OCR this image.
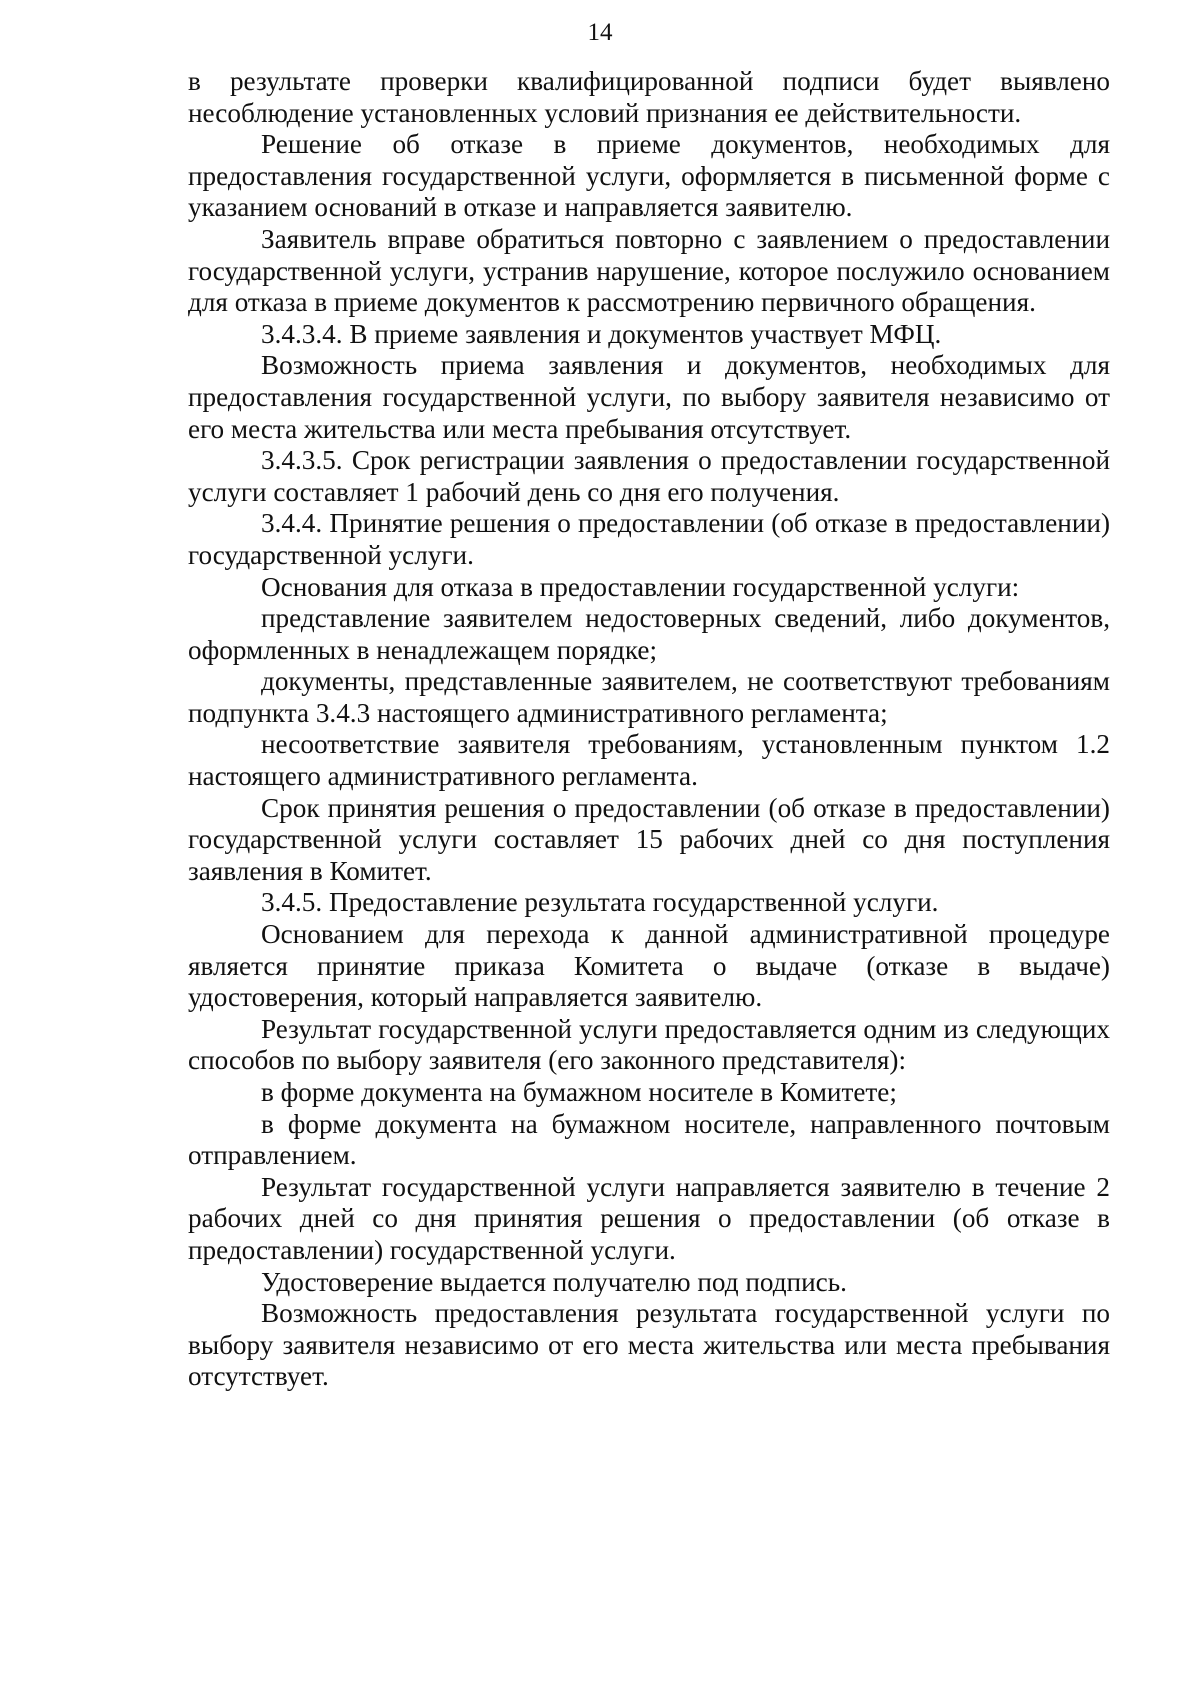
14

в результате проверки квалифицированной подписи будет выявлено несоблюдение установленных условий признания ее действительности.

Решение об отказе в приеме документов, необходимых для предоставления государственной услуги, оформляется в письменной форме с указанием оснований в отказе и направляется заявителю.

Заявитель вправе обратиться повторно с заявлением о предоставлении государственной услуги, устранив нарушение, которое послужило основанием для отказа в приеме документов к рассмотрению первичного обращения.

3.4.3.4. В приеме заявления и документов участвует МФЦ.

Возможность приема заявления и документов, необходимых для предоставления государственной услуги, по выбору заявителя независимо от его места жительства или места пребывания отсутствует.

3.4.3.5. Срок регистрации заявления о предоставлении государственной услуги составляет 1 рабочий день со дня его получения.

3.4.4. Принятие решения о предоставлении (об отказе в предоставлении) государственной услуги.

Основания для отказа в предоставлении государственной услуги:

представление заявителем недостоверных сведений, либо документов, оформленных в ненадлежащем порядке;

документы, представленные заявителем, не соответствуют требованиям подпункта 3.4.3 настоящего административного регламента;

несоответствие заявителя требованиям, установленным пунктом 1.2 настоящего административного регламента.

Срок принятия решения о предоставлении (об отказе в предоставлении) государственной услуги составляет 15 рабочих дней со дня поступления заявления в Комитет.

3.4.5. Предоставление результата государственной услуги.

Основанием для перехода к данной административной процедуре является принятие приказа Комитета о выдаче (отказе в выдаче) удостоверения, который направляется заявителю.

Результат государственной услуги предоставляется одним из следующих способов по выбору заявителя (его законного представителя):

в форме документа на бумажном носителе в Комитете;

в форме документа на бумажном носителе, направленного почтовым отправлением.

Результат государственной услуги направляется заявителю в течение 2 рабочих дней со дня принятия решения о предоставлении (об отказе в предоставлении) государственной услуги.

Удостоверение выдается получателю под подпись.

Возможность предоставления результата государственной услуги по выбору заявителя независимо от его места жительства или места пребывания отсутствует.
